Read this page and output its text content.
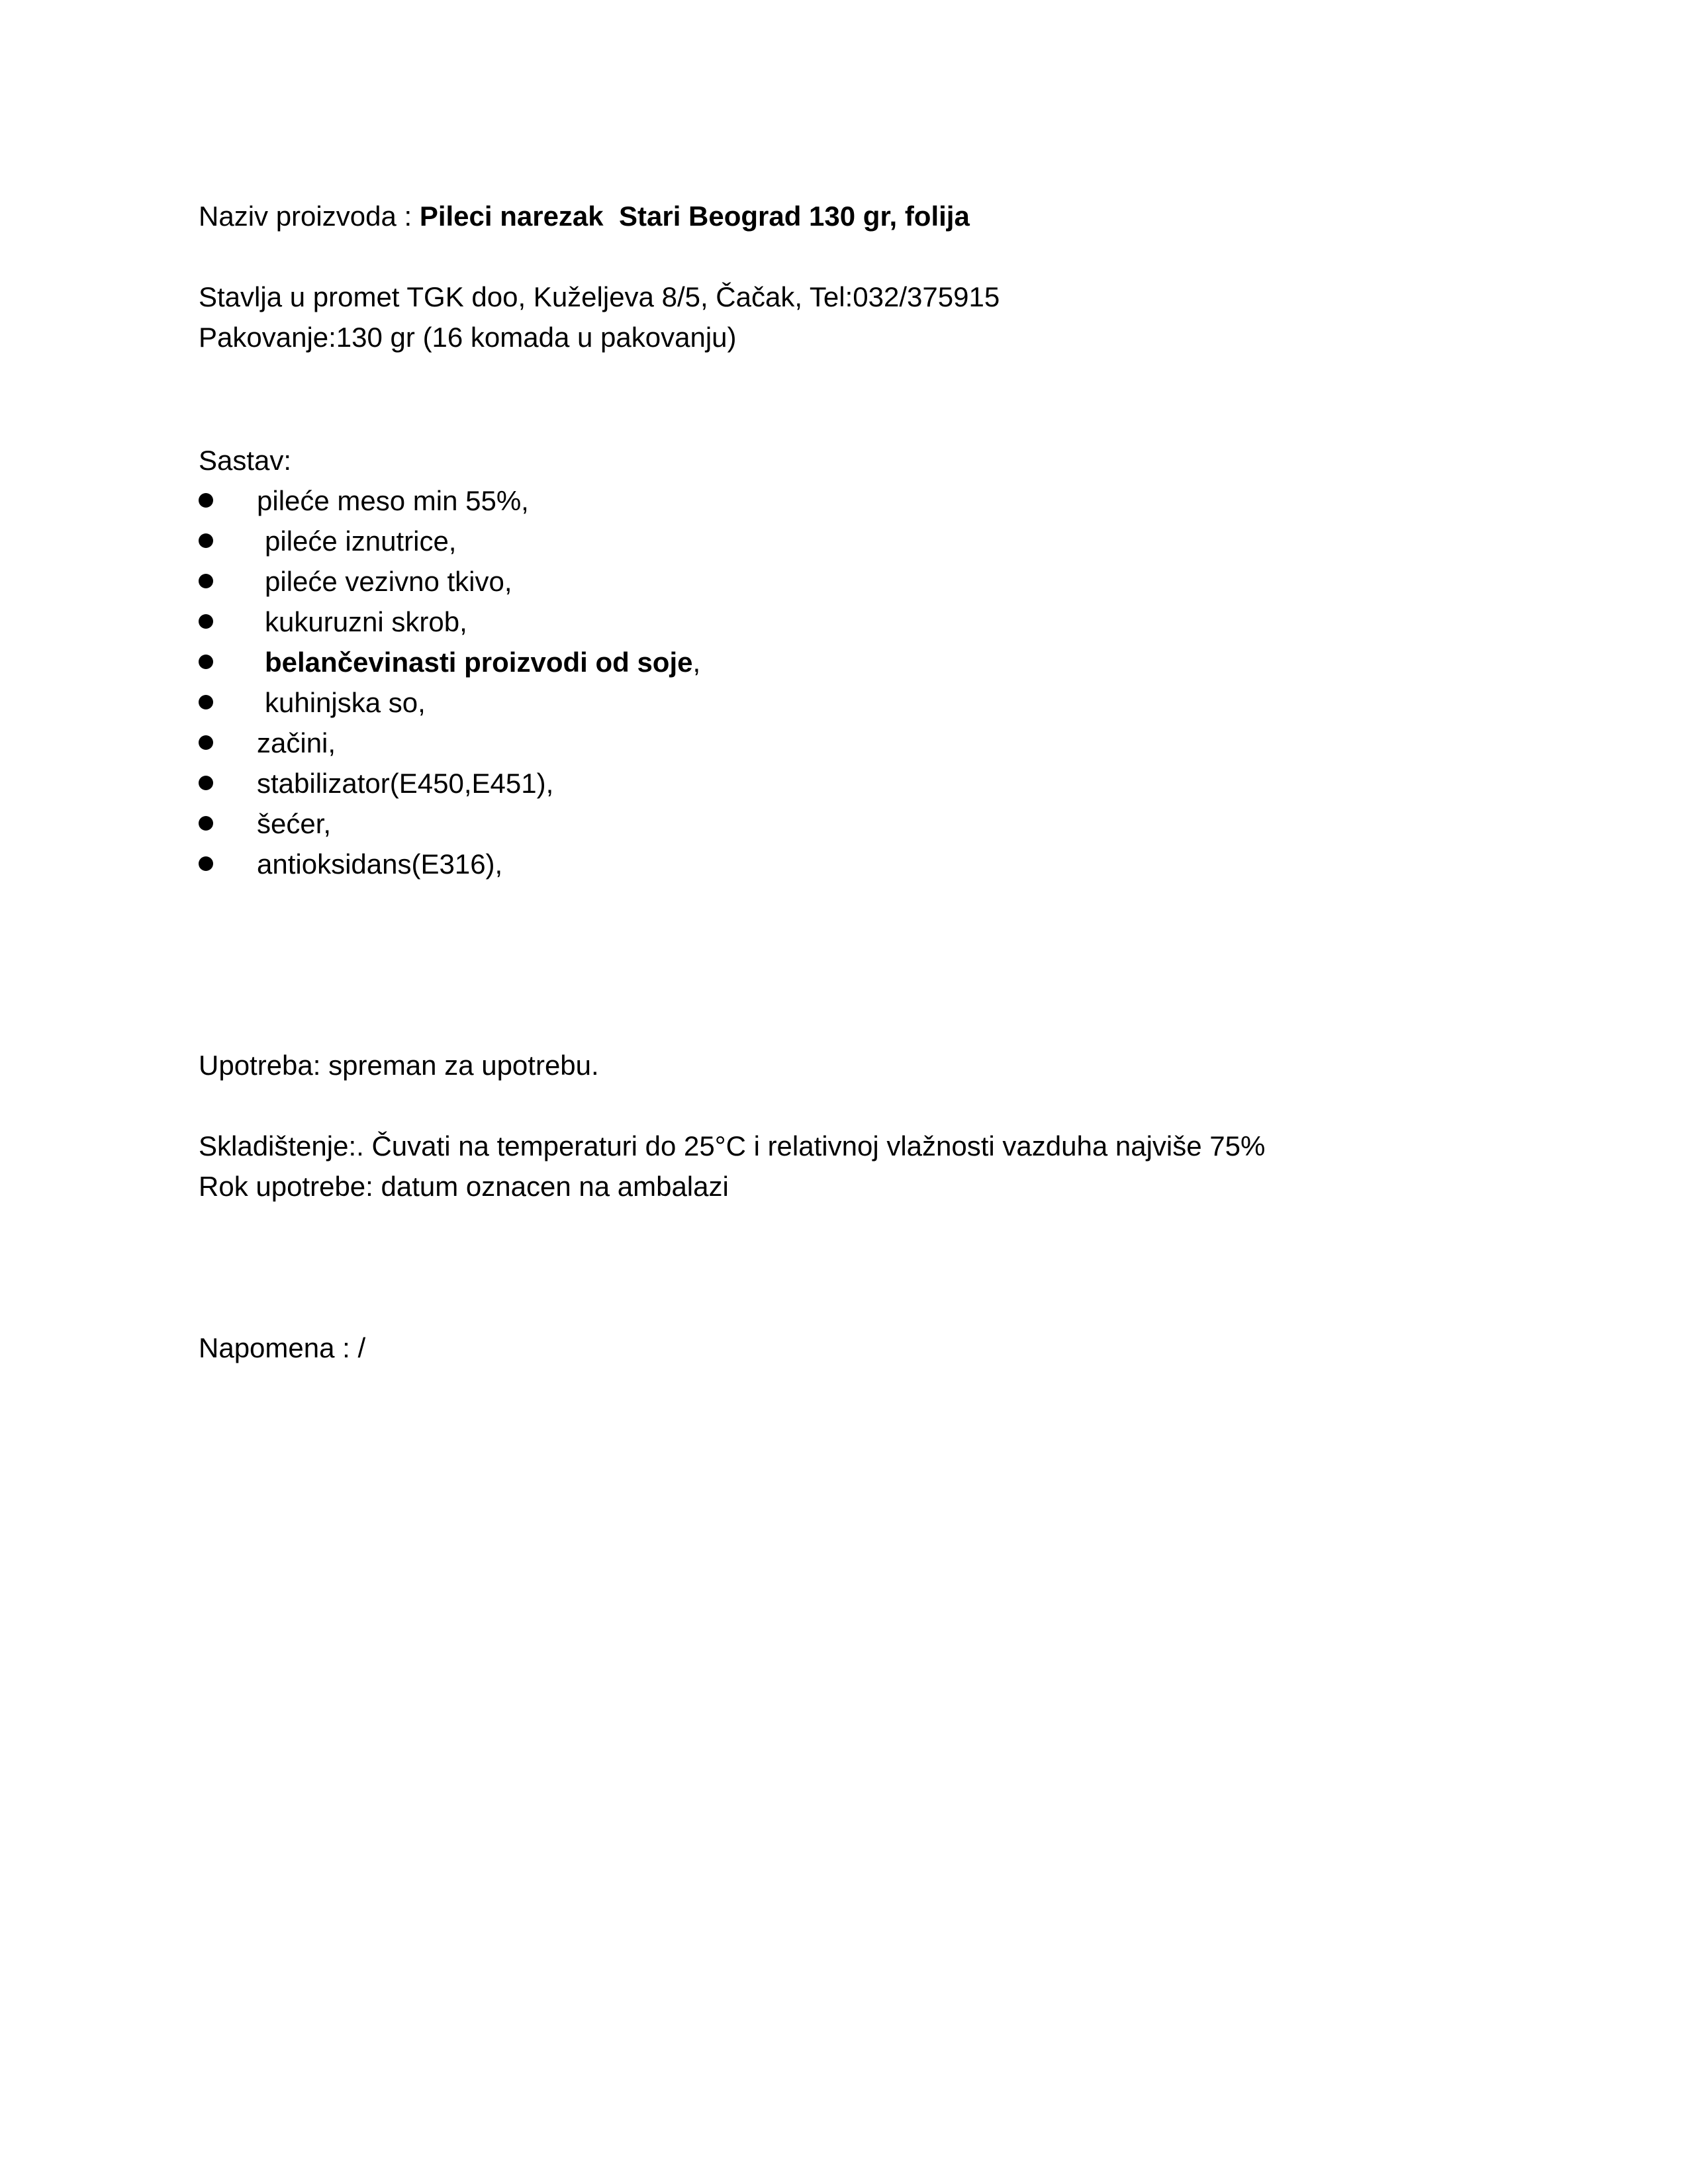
Naziv proizvoda : Pileci narezak  Stari Beograd 130 gr, folija
Stavlja u promet TGK doo, Kuželjeva 8/5, Čačak, Tel:032/375915
Pakovanje:130 gr (16 komada u pakovanju)
Sastav:
pileće meso min 55%,
pileće iznutrice,
pileće vezivno tkivo,
kukuruzni skrob,
belančevinasti proizvodi od soje,
kuhinjska so,
začini,
stabilizator(E450,E451),
šećer,
antioksidans(E316),
Upotreba: spreman za upotrebu.
Skladištenje:. Čuvati na temperaturi do 25°C i relativnoj vlažnosti vazduha najviše 75%
Rok upotrebe: datum oznacen na ambalazi
Napomena : /
